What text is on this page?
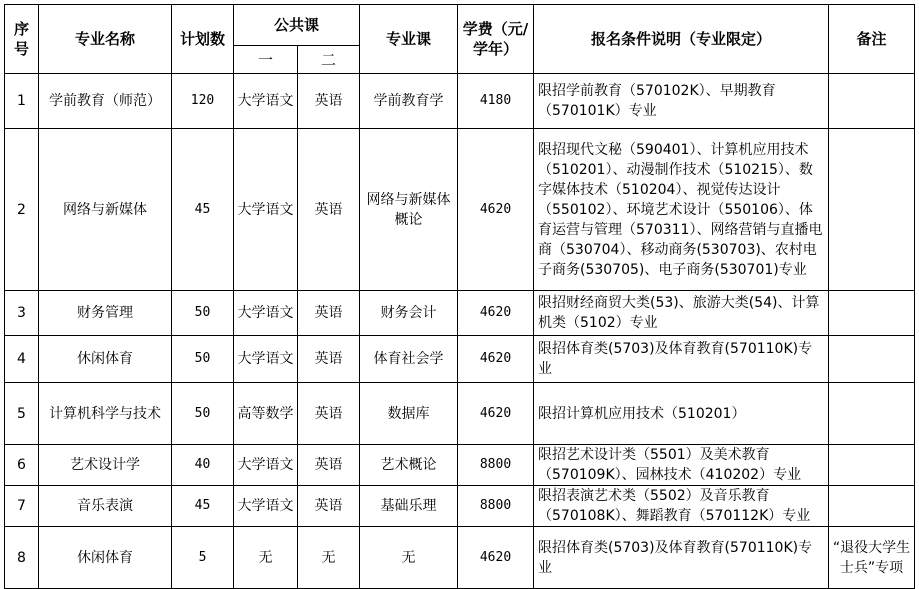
序号	专业名称	计划数	公共课		专业课	学费（元/学年）	报名条件说明（专业限定）	备注
			一	二				
1	学前教育（师范）	120	大学语文	英语	学前教育学	4180	限招学前教育（570102K）、早期教育（570101K）专业	
2	网络与新媒体	45	大学语文	英语	网络与新媒体概论	4620	限招现代文秘（590401）、计算机应用技术（510201）、动漫制作技术（510215）、数字媒体技术（510204）、视觉传达设计（550102）、环境艺术设计（550106）、体育运营与管理（570311）、网络营销与直播电商（530704）、移动商务(530703)、农村电子商务(530705)、电子商务(530701)专业	
3	财务管理	50	大学语文	英语	财务会计	4620	限招财经商贸大类(53)、旅游大类(54)、计算机类（5102）专业	
4	休闲体育	50	大学语文	英语	体育社会学	4620	限招体育类(5703)及体育教育(570110K)专业	
5	计算机科学与技术	50	高等数学	英语	数据库	4620	限招计算机应用技术（510201）	
6	艺术设计学	40	大学语文	英语	艺术概论	8800	限招艺术设计类（5501）及美术教育（570109K）、园林技术（410202）专业	
7	音乐表演	45	大学语文	英语	基础乐理	8800	限招表演艺术类（5502）及音乐教育（570108K）、舞蹈教育（570112K）专业	
8	休闲体育	5	无	无	无	4620	限招体育类(5703)及体育教育(570110K)专业	“退役大学生士兵”专项
